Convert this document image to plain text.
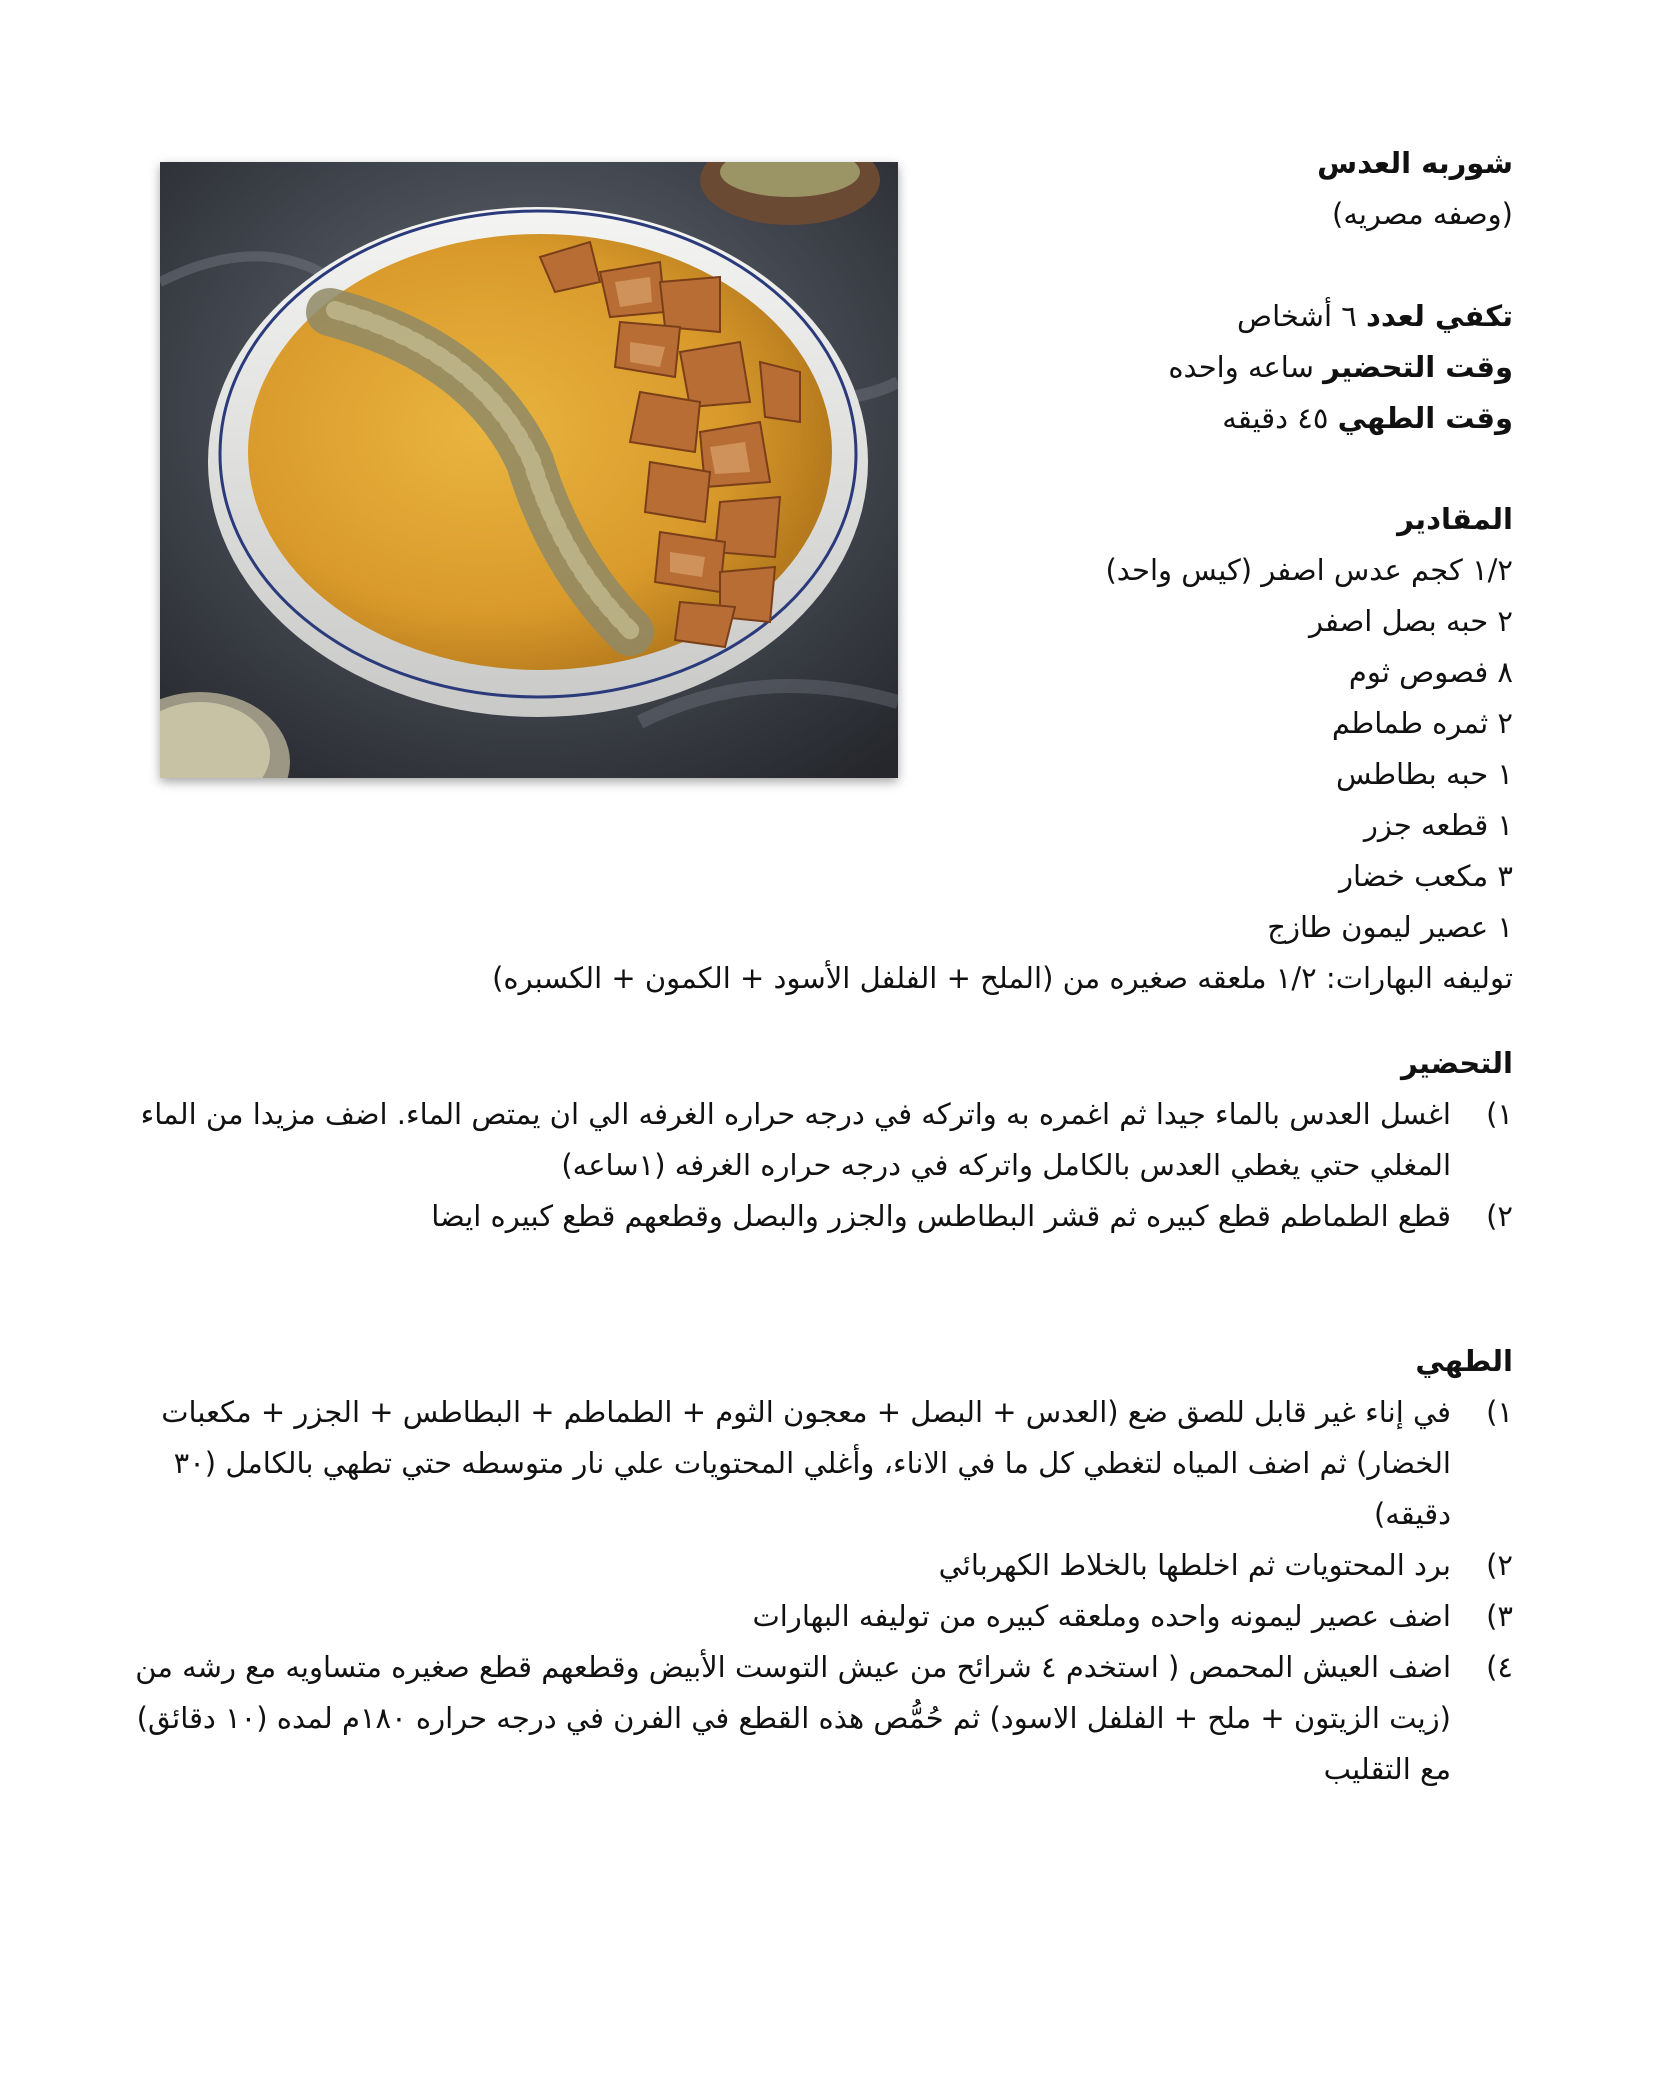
شوربه العدس
(وصفه مصريه)
تكفي لعدد ٦ أشخاص
وقت التحضير ساعه واحده
وقت الطهي ٤٥ دقيقه
المقادير
١/٢ كجم عدس اصفر (كيس واحد)
٢ حبه بصل اصفر
٨ فصوص ثوم
٢ ثمره طماطم
١ حبه بطاطس
١ قطعه جزر
٣ مكعب خضار
١ عصير ليمون طازج
توليفه البهارات: ١/٢ ملعقه صغيره من (الملح + الفلفل الأسود + الكمون + الكسبره)
التحضير
١)
اغسل العدس بالماء جيدا ثم اغمره به واتركه في درجه حراره الغرفه الي ان يمتص الماء. اضف مزيدا من الماء المغلي حتي يغطي العدس بالكامل واتركه في درجه حراره الغرفه (١ساعه)
٢)
قطع الطماطم قطع كبيره ثم قشر البطاطس والجزر والبصل وقطعهم قطع كبيره ايضا
الطهي
١)
في إناء غير قابل للصق ضع (العدس + البصل + معجون الثوم + الطماطم + البطاطس + الجزر + مكعبات الخضار) ثم اضف المياه لتغطي كل ما في الاناء، وأغلي المحتويات علي نار متوسطه حتي تطهي بالكامل (٣٠ دقيقه)
٢)
برد المحتويات ثم اخلطها بالخلاط الكهربائي
٣)
اضف عصير ليمونه واحده وملعقه كبيره من توليفه البهارات
٤)
اضف العيش المحمص ( استخدم ٤ شرائح من عيش التوست الأبيض وقطعهم قطع صغيره متساويه مع رشه من (زيت الزيتون + ملح + الفلفل الاسود) ثم حُمُّص هذه القطع في الفرن في درجه حراره ١٨٠م لمده (١٠ دقائق) مع التقليب
